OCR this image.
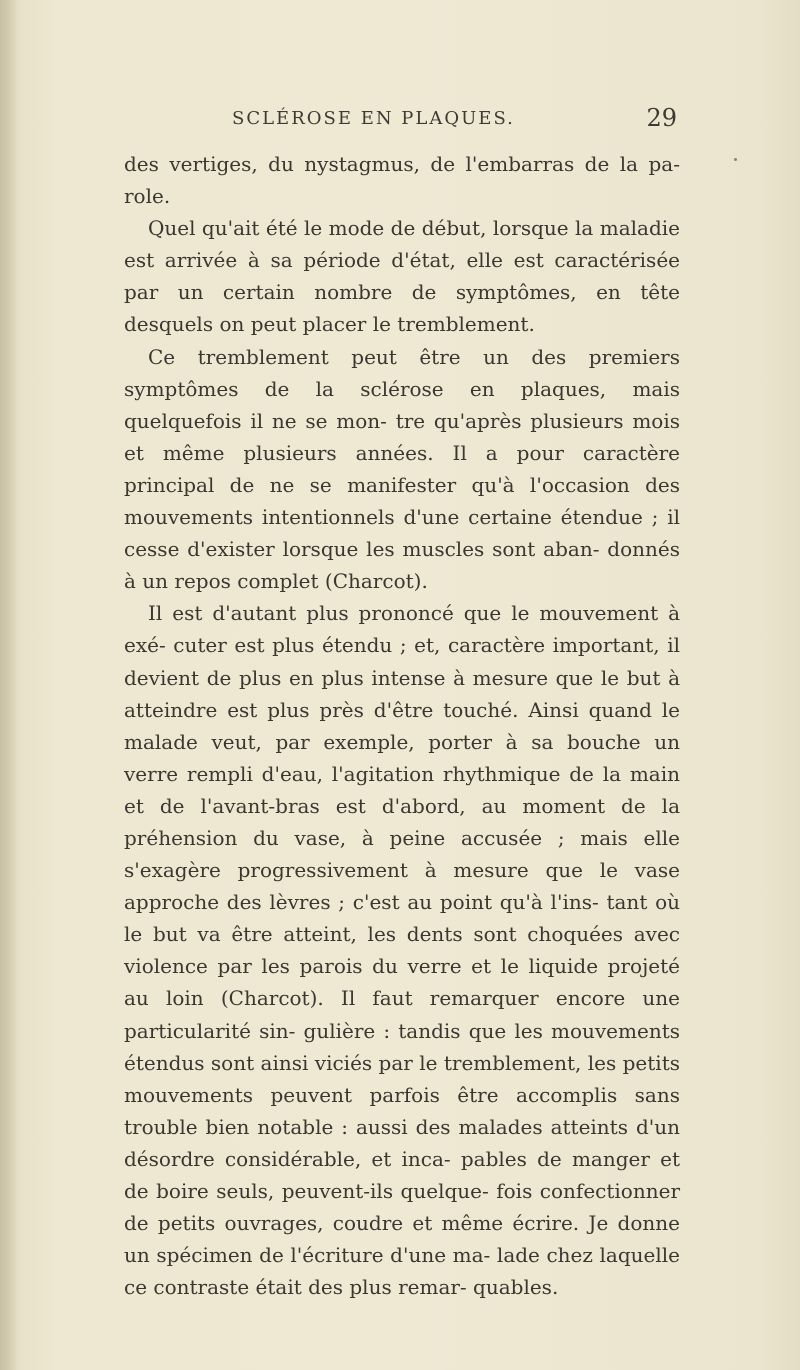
SCLÉROSE EN PLAQUES.	29

des vertiges, du nystagmus, de l'embarras de la pa- role.

Quel qu'ait été le mode de début, lorsque la maladie est arrivée à sa période d'état, elle est caractérisée par un certain nombre de symptômes, en tête desquels on peut placer le tremblement.

Ce tremblement peut être un des premiers symptômes de la sclérose en plaques, mais quelquefois il ne se mon- tre qu'après plusieurs mois et même plusieurs années. Il a pour caractère principal de ne se manifester qu'à l'occasion des mouvements intentionnels d'une certaine étendue ; il cesse d'exister lorsque les muscles sont aban- donnés à un repos complet (Charcot).

Il est d'autant plus prononcé que le mouvement à exé- cuter est plus étendu ; et, caractère important, il devient de plus en plus intense à mesure que le but à atteindre est plus près d'être touché. Ainsi quand le malade veut, par exemple, porter à sa bouche un verre rempli d'eau, l'agitation rhythmique de la main et de l'avant-bras est d'abord, au moment de la préhension du vase, à peine accusée ; mais elle s'exagère progressivement à mesure que le vase approche des lèvres ; c'est au point qu'à l'ins- tant où le but va être atteint, les dents sont choquées avec violence par les parois du verre et le liquide projeté au loin (Charcot). Il faut remarquer encore une particularité sin- gulière : tandis que les mouvements étendus sont ainsi viciés par le tremblement, les petits mouvements peuvent parfois être accomplis sans trouble bien notable : aussi des malades atteints d'un désordre considérable, et inca- pables de manger et de boire seuls, peuvent-ils quelque- fois confectionner de petits ouvrages, coudre et même écrire. Je donne un spécimen de l'écriture d'une ma- lade chez laquelle ce contraste était des plus remar- quables.
